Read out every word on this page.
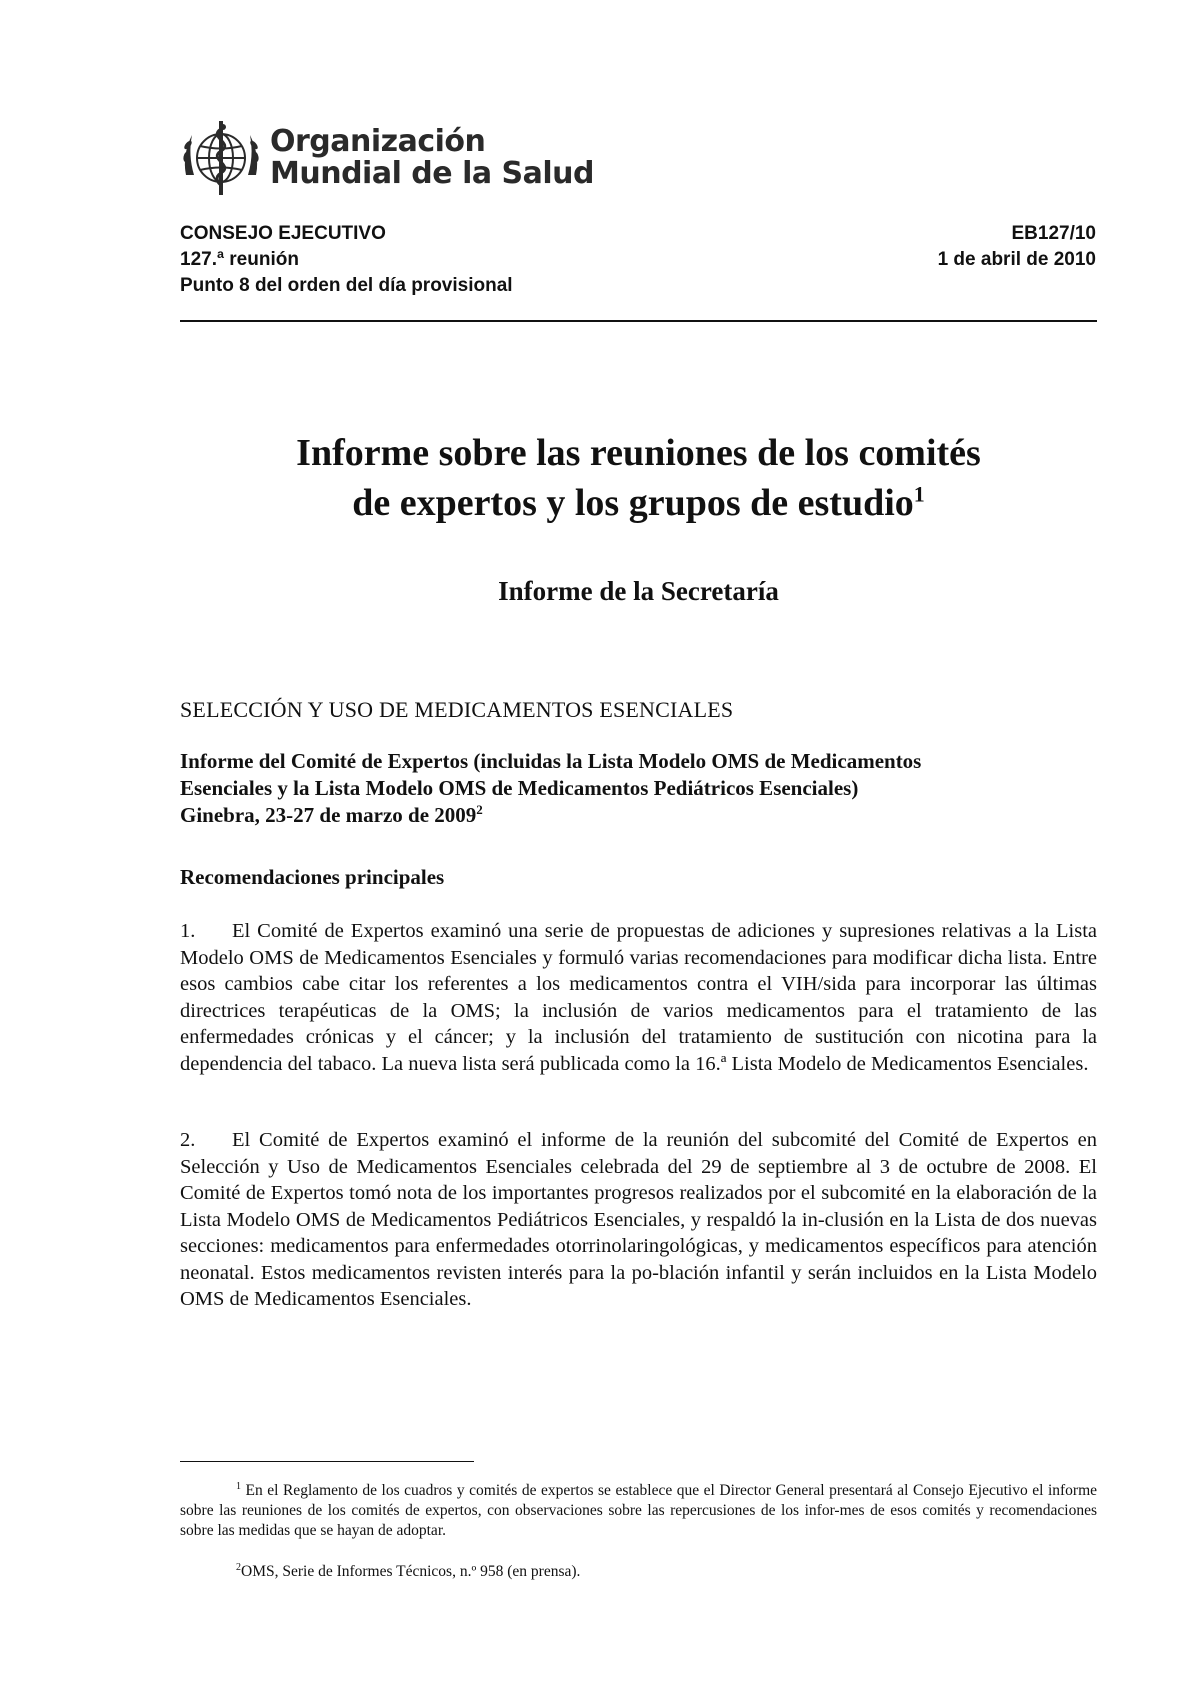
Organización
Mundial de la Salud
CONSEJO EJECUTIVO
127.ª reunión
Punto 8 del orden del día provisional
EB127/10
1 de abril de 2010
Informe sobre las reuniones de los comités
de expertos y los grupos de estudio$^1$
Informe de la Secretaría
SELECCIÓN Y USO DE MEDICAMENTOS ESENCIALES
Informe del Comité de Expertos (incluidas la Lista Modelo OMS de Medicamentos
Esenciales y la Lista Modelo OMS de Medicamentos Pediátricos Esenciales)
Ginebra, 23-27 de marzo de 2009$^2$
Recomendaciones principales
1. El Comité de Expertos examinó una serie de propuestas de adiciones y supresiones relativas a la Lista Modelo OMS de Medicamentos Esenciales y formuló varias recomendaciones para modificar dicha lista. Entre esos cambios cabe citar los referentes a los medicamentos contra el VIH/sida para incorporar las últimas directrices terapéuticas de la OMS; la inclusión de varios medicamentos para el tratamiento de las enfermedades crónicas y el cáncer; y la inclusión del tratamiento de sustitución con nicotina para la dependencia del tabaco. La nueva lista será publicada como la 16.ª Lista Modelo de Medicamentos Esenciales.
2. El Comité de Expertos examinó el informe de la reunión del subcomité del Comité de Expertos en Selección y Uso de Medicamentos Esenciales celebrada del 29 de septiembre al 3 de octubre de 2008. El Comité de Expertos tomó nota de los importantes progresos realizados por el subcomité en la elaboración de la Lista Modelo OMS de Medicamentos Pediátricos Esenciales, y respaldó la in-clusión en la Lista de dos nuevas secciones: medicamentos para enfermedades otorrinolaringológicas, y medicamentos específicos para atención neonatal. Estos medicamentos revisten interés para la po-blación infantil y serán incluidos en la Lista Modelo OMS de Medicamentos Esenciales.
$^1$ En el Reglamento de los cuadros y comités de expertos se establece que el Director General presentará al Consejo Ejecutivo el informe sobre las reuniones de los comités de expertos, con observaciones sobre las repercusiones de los infor-mes de esos comités y recomendaciones sobre las medidas que se hayan de adoptar.
$^2$OMS, Serie de Informes Técnicos, n.º 958 (en prensa).
